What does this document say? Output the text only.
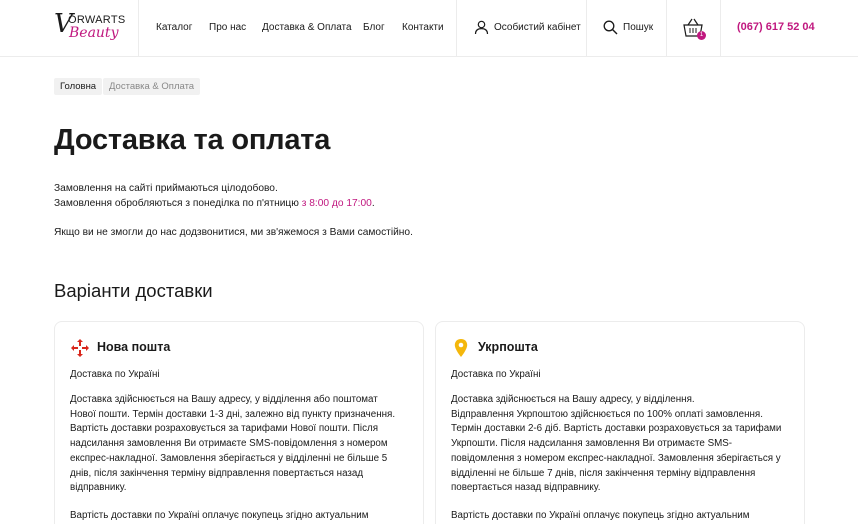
V
ORWARTS
Beauty	Каталог Про нас Доставка & Оплата Блог Контакти	Особистий кабінет	Пошук
1
(067) 617 52 04
Головна	Доставка & Оплата
Доставка та оплата
Замовлення на сайті приймаються цілодобово.
Замовлення обробляються з понеділка по п'ятницю з 8:00 до 17:00.
Якщо ви не змогли до нас додзвонитися, ми зв'яжемося з Вами самостійно.
Варіанти доставки
Нова пошта
Доставка по Україні
Доставка здійснюється на Вашу адресу, у відділення або поштомат
Нової пошти. Термін доставки 1-3 дні, залежно від пункту призначення.
Вартість доставки розраховується за тарифами Нової пошти. Після
надсилання замовлення Ви отримаєте SMS-повідомлення з номером
експрес-накладної. Замовлення зберігається у відділенні не більше 5
днів, після закінчення терміну відправлення повертається назад
відправнику.
Вартість доставки по Україні оплачує покупець згідно актуальним
Укрпошта
Доставка по Україні
Доставка здійснюється на Вашу адресу, у відділення.
Відправлення Укрпоштою здійснюється по 100% оплаті замовлення.
Термін доставки 2-6 діб. Вартість доставки розраховується за тарифами
Укрпошти. Після надсилання замовлення Ви отримаєте SMS-
повідомлення з номером експрес-накладної. Замовлення зберігається у
відділенні не більше 7 днів, після закінчення терміну відправлення
повертається назад відправнику.
Вартість доставки по Україні оплачує покупець згідно актуальним
